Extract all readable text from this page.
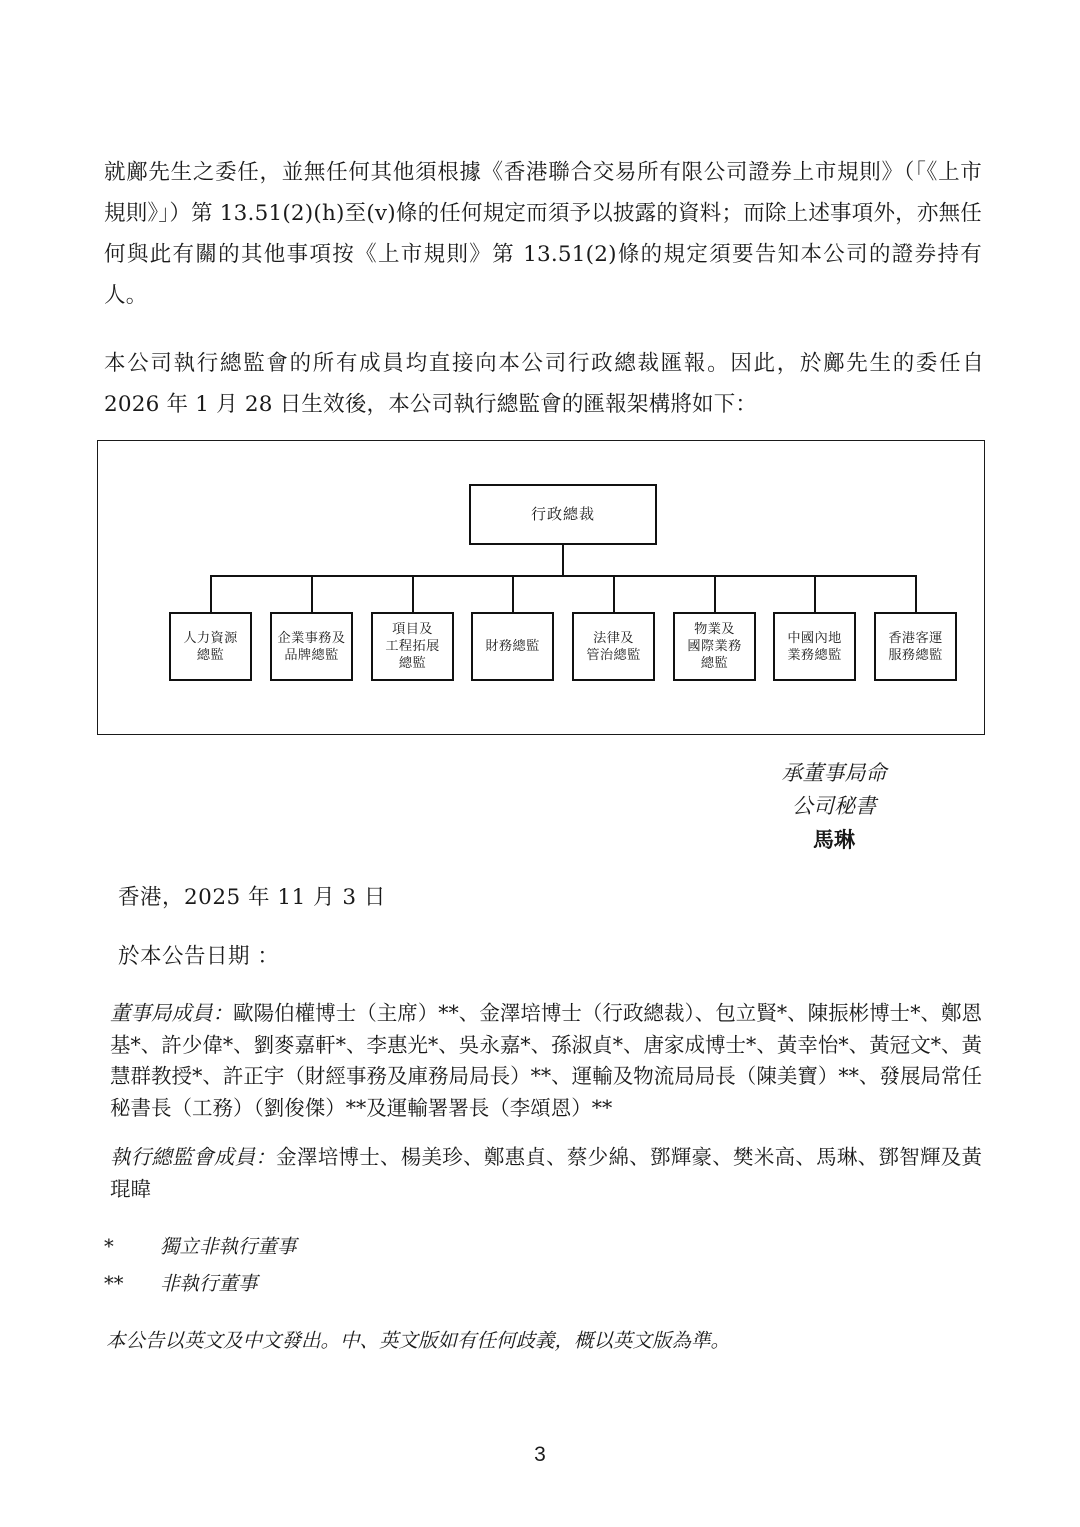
就鄺先生之委任，並無任何其他須根據《香港聯合交易所有限公司證券上市規則》（「《上市規則》」）第 13.51(2)(h)至(v)條的任何規定而須予以披露的資料；而除上述事項外，亦無任何與此有關的其他事項按《上市規則》第 13.51(2)條的規定須要告知本公司的證券持有人。
本公司執行總監會的所有成員均直接向本公司行政總裁匯報。因此，於鄺先生的委任自 2026 年 1 月 28 日生效後，本公司執行總監會的匯報架構將如下：
行政總裁
人力資源
總監
企業事務及
品牌總監
項目及
工程拓展
總監
財務總監
法律及
管治總監
物業及
國際業務
總監
中國內地
業務總監
香港客運
服務總監
承董事局命
公司秘書
馬琳
香港，2025 年 11 月 3 日
於本公告日期 ：
董事局成員：歐陽伯權博士（主席）**、金澤培博士（行政總裁）、包立賢*、陳振彬博士*、鄭恩基*、許少偉*、劉麥嘉軒*、李惠光*、吳永嘉*、孫淑貞*、唐家成博士*、黃幸怡*、黃冠文*、黃慧群教授*、許正宇（財經事務及庫務局局長）**、運輸及物流局局長（陳美寶）**、發展局常任秘書長（工務）（劉俊傑）**及運輸署署長（李頌恩）**
執行總監會成員：金澤培博士、楊美珍、鄭惠貞、蔡少綿、鄧輝豪、樊米高、馬琳、鄧智輝及黃琨暐
* 獨立非執行董事
** 非執行董事
本公告以英文及中文發出。中、英文版如有任何歧義，概以英文版為準。
3
